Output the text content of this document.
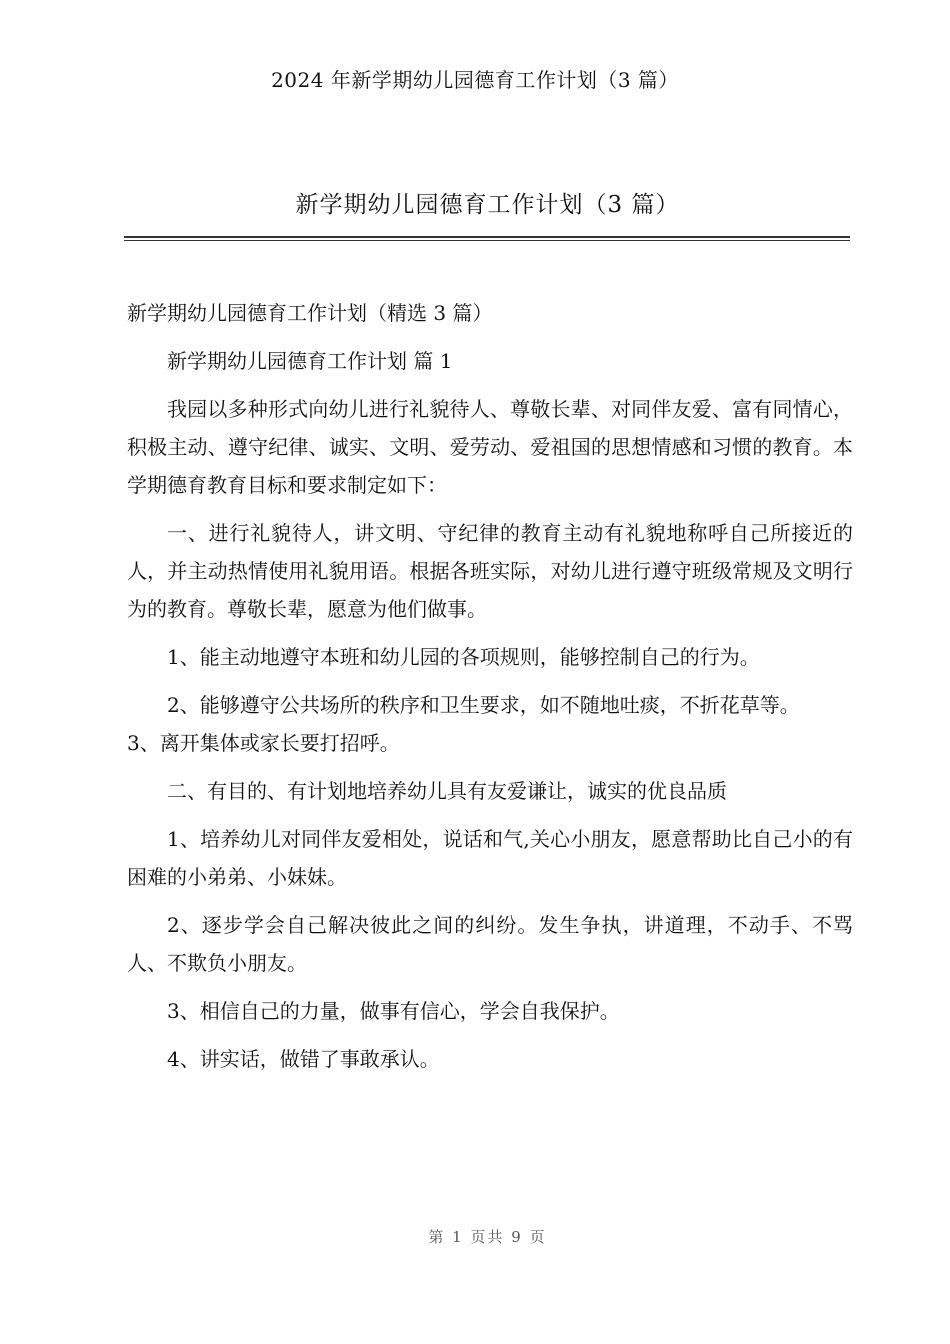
2024 年新学期幼儿园德育工作计划（3 篇）
新学期幼儿园德育工作计划（3 篇）

新学期幼儿园德育工作计划（精选 3 篇）

新学期幼儿园德育工作计划 篇 1

我园以多种形式向幼儿进行礼貌待人、尊敬长辈、对同伴友爱、富有同情心，积极主动、遵守纪律、诚实、文明、爱劳动、爱祖国的思想情感和习惯的教育。本学期德育教育目标和要求制定如下：

一、进行礼貌待人，讲文明、守纪律的教育主动有礼貌地称呼自己所接近的人，并主动热情使用礼貌用语。根据各班实际，对幼儿进行遵守班级常规及文明行为的教育。尊敬长辈，愿意为他们做事。

1、能主动地遵守本班和幼儿园的各项规则，能够控制自己的行为。

2、能够遵守公共场所的秩序和卫生要求，如不随地吐痰，不折花草等。

3、离开集体或家长要打招呼。

二、有目的、有计划地培养幼儿具有友爱谦让，诚实的优良品质

1、培养幼儿对同伴友爱相处，说话和气,关心小朋友，愿意帮助比自己小的有困难的小弟弟、小妹妹。

2、逐步学会自己解决彼此之间的纠纷。发生争执，讲道理，不动手、不骂人、不欺负小朋友。

3、相信自己的力量，做事有信心，学会自我保护。

4、讲实话，做错了事敢承认。

第 1 页共 9 页
